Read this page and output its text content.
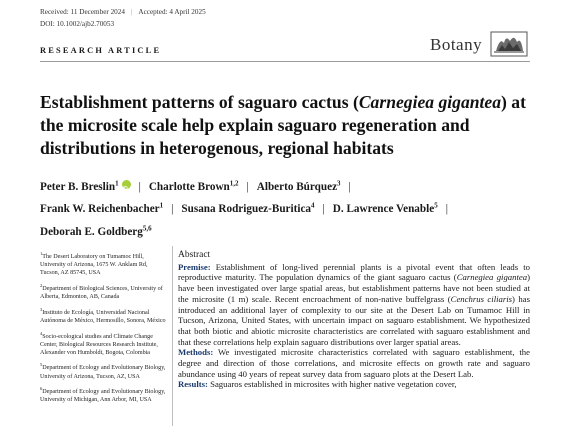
Received: 11 December 2024 | Accepted: 4 April 2025
DOI: 10.1002/ajb2.70053
RESEARCH ARTICLE	Botany
Establishment patterns of saguaro cactus (Carnegiea gigantea) at the microsite scale help explain saguaro regeneration and distributions in heterogenous, regional habitats
Peter B. Breslin$^1$iD | Charlotte Brown$^{1,2}$ | Alberto Búrquez$^3$ |
Frank W. Reichenbacher$^1$ | Susana Rodriguez-Buritica$^4$ | D. Lawrence Venable$^5$ |
Deborah E. Goldberg$^{5,6}$
$^1$The Desert Laboratory on Tumamoc Hill, University of Arizona, 1675 W. Anklam Rd, Tucson, AZ 85745, USA
$^2$Department of Biological Sciences, University of Alberta, Edmonton, AB, Canada
$^3$Instituto de Ecología, Universidad Nacional Autónoma de México, Hermosillo, Sonora, México
$^4$Socio-ecological studies and Climate Change Center, Biological Resources Research Institute, Alexander von Humboldt, Bogota, Colombia
$^5$Department of Ecology and Evolutionary Biology, University of Arizona, Tucson, AZ, USA
$^6$Department of Ecology and Evolutionary Biology, University of Michigan, Ann Arbor, MI, USA
Abstract

Premise: Establishment of long-lived perennial plants is a pivotal event that often leads to reproductive maturity. The population dynamics of the giant saguaro cactus (Carnegiea gigantea) have been investigated over large spatial areas, but establishment patterns have not been studied at the microsite (1 m) scale. Recent encroachment of non-native buffelgrass (Cenchrus ciliaris) has introduced an additional layer of complexity to our site at the Desert Lab on Tumamoc Hill in Tucson, Arizona, United States, with uncertain impact on saguaro establishment. We hypothesized that both biotic and abiotic microsite characteristics are correlated with saguaro establishment and that these correlations help explain saguaro distributions over larger spatial areas.

Methods: We investigated microsite characteristics correlated with saguaro establishment, the degree and direction of those correlations, and microsite effects on growth rate and saguaro abundance using 40 years of repeat survey data from saguaro plots at the Desert Lab.

Results: Saguaros established in microsites with higher native vegetation cover,
